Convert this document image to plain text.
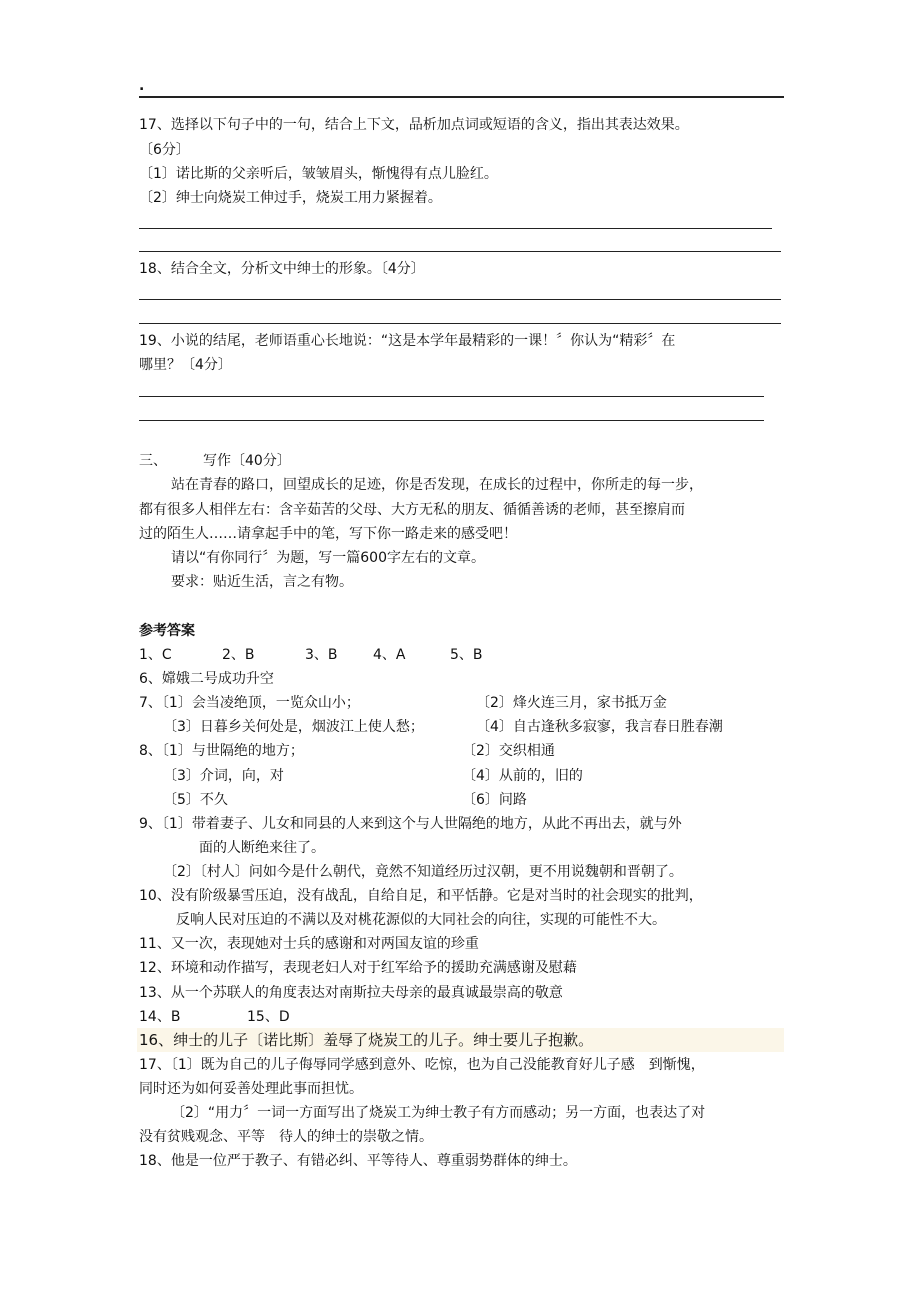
.
17、选择以下句子中的一句，结合上下文，品析加点词或短语的含义，指出其表达效果。
〔6分〕
〔1〕诺比斯的父亲听后，皱皱眉头，惭愧得有点儿脸红。
〔2〕绅士向烧炭工伸过手，烧炭工用力紧握着。
18、结合全文，分析文中绅士的形象。〔4分〕
19、小说的结尾，老师语重心长地说：“这是本学年最精彩的一课！〞你认为“精彩〞在
哪里？〔4分〕
三、	写作〔40分〕
站在青春的路口，回望成长的足迹，你是否发现，在成长的过程中，你所走的每一步，
都有很多人相伴左右：含辛茹苦的父母、大方无私的朋友、循循善诱的老师，甚至擦肩而
过的陌生人……请拿起手中的笔，写下你一路走来的感受吧！
请以“有你同行〞为题，写一篇600字左右的文章。
要求：贴近生活，言之有物。
参考答案
1、C	2、B	3、B	4、A	5、B
6、嫦娥二号成功升空
7、〔1〕会当凌绝顶，一览众山小；	〔2〕烽火连三月，家书抵万金
〔3〕日暮乡关何处是，烟波江上使人愁；	〔4〕自古逢秋多寂寥，我言春日胜春潮
8、〔1〕与世隔绝的地方；	〔2〕交织相通
〔3〕介词，向，对	〔4〕从前的，旧的
〔5〕不久	〔6〕问路
9、〔1〕带着妻子、儿女和同县的人来到这个与人世隔绝的地方，从此不再出去，就与外
面的人断绝来往了。
〔2〕〔村人〕问如今是什么朝代，竟然不知道经历过汉朝，更不用说魏朝和晋朝了。
10、没有阶级暴雪压迫，没有战乱，自给自足，和平恬静。它是对当时的社会现实的批判，
反响人民对压迫的不满以及对桃花源似的大同社会的向往，实现的可能性不大。
11、又一次，表现她对士兵的感谢和对两国友谊的珍重
12、环境和动作描写，表现老妇人对于红军给予的援助充满感谢及慰藉
13、从一个苏联人的角度表达对南斯拉夫母亲的最真诚最崇高的敬意
14、B	15、D
16、绅士的儿子〔诺比斯〕羞辱了烧炭工的儿子。绅士要儿子抱歉。
17、〔1〕既为自己的儿子侮辱同学感到意外、吃惊，也为自己没能教育好儿子感　到惭愧，
同时还为如何妥善处理此事而担忧。
〔2〕“用力〞一词一方面写出了烧炭工为绅士教子有方而感动；另一方面，也表达了对
没有贫贱观念、平等　待人的绅士的崇敬之情。
18、他是一位严于教子、有错必纠、平等待人、尊重弱势群体的绅士。
